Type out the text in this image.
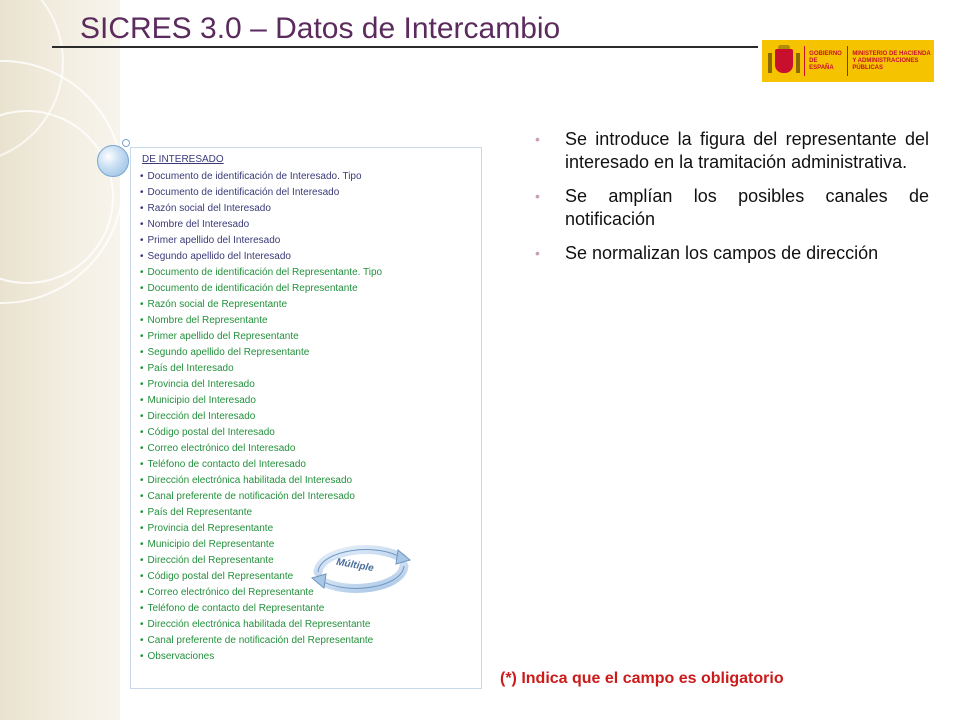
SICRES 3.0 – Datos de Intercambio
GOBIERNO DE ESPAÑA
MINISTERIO DE HACIENDA Y ADMINISTRACIONES PÚBLICAS
DE INTERESADO
• Documento de identificación de Interesado. Tipo
• Documento de identificación del Interesado
• Razón social del Interesado
• Nombre del Interesado
• Primer apellido del Interesado
• Segundo apellido del Interesado
• Documento de identificación del Representante. Tipo
• Documento de identificación del Representante
• Razón social de Representante
• Nombre del Representante
• Primer apellido del Representante
• Segundo apellido del Representante
• País del Interesado
• Provincia del Interesado
• Municipio del Interesado
• Dirección del Interesado
• Código postal del Interesado
• Correo electrónico del Interesado
• Teléfono de contacto del Interesado
• Dirección electrónica habilitada del Interesado
• Canal preferente de notificación del Interesado
• País del Representante
• Provincia del Representante
• Municipio del Representante
• Dirección del Representante
• Código postal del Representante
• Correo electrónico del Representante
• Teléfono de contacto del Representante
• Dirección electrónica habilitada del Representante
• Canal preferente de notificación del Representante
• Observaciones
Múltiple
• Se introduce la figura del representante del interesado en la tramitación administrativa.
• Se amplían los posibles canales de notificación
• Se normalizan los campos de dirección
(*) Indica que el campo es obligatorio
